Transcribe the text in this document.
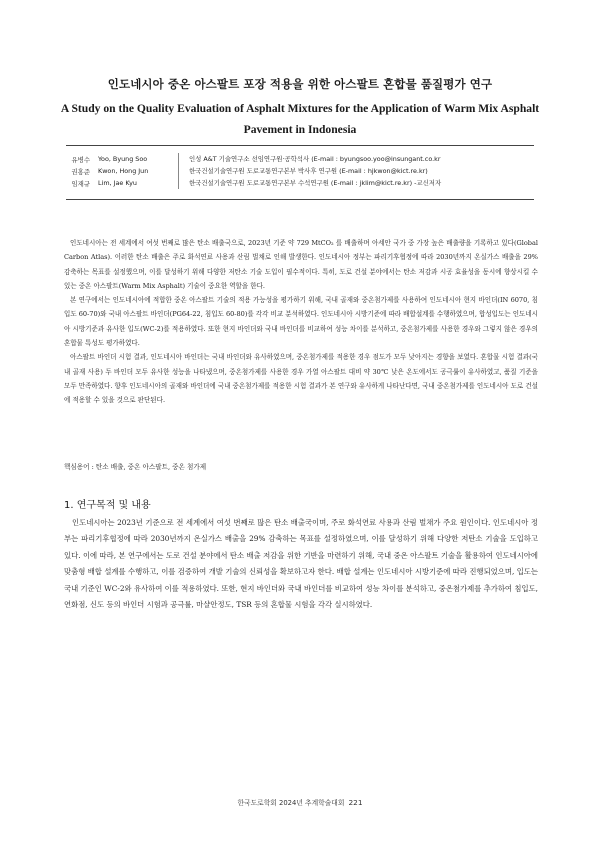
인도네시아 중온 아스팔트 포장 적용을 위한 아스팔트 혼합물 품질평가 연구
A Study on the Quality Evaluation of Asphalt Mixtures for the Application of Warm Mix Asphalt Pavement in Indonesia
유병수	Yoo, Byung Soo	인성 A&T 기술연구소 선임연구원·공학석사 (E-mail : byungsoo.yoo@insungant.co.kr
권홍준	Kwon, Hong Jun	한국건설기술연구원 도로교통연구본부 박사후 연구원 (E-mail : hjkwon@kict.re.kr)
임재규	Lim, Jae Kyu	한국건설기술연구원 도로교통연구본부 수석연구원 (E-mail : jklim@kict.re.kr) -교신저자

인도네시아는 전 세계에서 여섯 번째로 많은 탄소 배출국으로, 2023년 기준 약 729 MtCO₂ 를 배출하며 아세안 국가 중 가장 높은 배출량을 기록하고 있다(Global Carbon Atlas). 이러한 탄소 배출은 주로 화석연료 사용과 산림 벌채로 인해 발생한다. 인도네시아 정부는 파리기후협정에 따라 2030년까지 온실가스 배출을 29% 감축하는 목표를 설정했으며, 이를 달성하기 위해 다양한 저탄소 기술 도입이 필수적이다. 특히, 도로 건설 분야에서는 탄소 저감과 시공 효율성을 동시에 향상시킬 수 있는 중온 아스팔트(Warm Mix Asphalt) 기술이 중요한 역할을 한다.

본 연구에서는 인도네시아에 적합한 중온 아스팔트 기술의 적용 가능성을 평가하기 위해, 국내 골재와 중온첨가제를 사용하여 인도네시아 현지 바인더(IN 6070, 침입도 60-70)와 국내 아스팔트 바인더(PG64-22, 침입도 60-80)를 각각 비교 분석하였다. 인도네시아 시방기준에 따라 배합설계를 수행하였으며, 합성입도는 인도네시아 시방기준과 유사한 입도(WC-2)를 적용하였다. 또한 현지 바인더와 국내 바인더를 비교하여 성능 차이를 분석하고, 중온첨가제를 사용한 경우와 그렇지 않은 경우의 혼합물 특성도 평가하였다.

아스팔트 바인더 시험 결과, 인도네시아 바인더는 국내 바인더와 유사하였으며, 중온첨가제를 적용한 경우 점도가 모두 낮아지는 경향을 보였다. 혼합물 시험 결과(국내 골재 사용) 두 바인더 모두 유사한 성능을 나타냈으며, 중온첨가제를 사용한 경우 가열 아스팔트 대비 약 30℃ 낮은 온도에서도 공극률이 유사하였고, 품질 기준을 모두 만족하였다. 향후 인도네시아의 골재와 바인더에 국내 중온첨가제를 적용한 시험 결과가 본 연구와 유사하게 나타난다면, 국내 중온첨가제를 인도네시아 도로 건설에 적용할 수 있을 것으로 판단된다.

핵심용어 : 탄소 배출, 중온 아스팔트, 중온 첨가제
1. 연구목적 및 내용

인도네시아는 2023년 기준으로 전 세계에서 여섯 번째로 많은 탄소 배출국이며, 주로 화석연료 사용과 산림 벌채가 주요 원인이다. 인도네시아 정부는 파리기후협정에 따라 2030년까지 온실가스 배출을 29% 감축하는 목표를 설정하였으며, 이를 달성하기 위해 다양한 저탄소 기술을 도입하고 있다. 이에 따라, 본 연구에서는 도로 건설 분야에서 탄소 배출 저감을 위한 기반을 마련하기 위해, 국내 중온 아스팔트 기술을 활용하여 인도네시아에 맞춤형 배합 설계를 수행하고, 이를 검증하여 개발 기술의 신뢰성을 확보하고자 한다. 배합 설계는 인도네시아 시방기준에 따라 진행되었으며, 입도는 국내 기준인 WC-2와 유사하여 이를 적용하였다. 또한, 현지 바인더와 국내 바인더를 비교하여 성능 차이를 분석하고, 중온첨가제를 추가하여 침입도, 연화점, 신도 등의 바인더 시험과 공극률, 마샬안정도, TSR 등의 혼합물 시험을 각각 실시하였다.

한국도로학회 2024년 추계학술대회 221
